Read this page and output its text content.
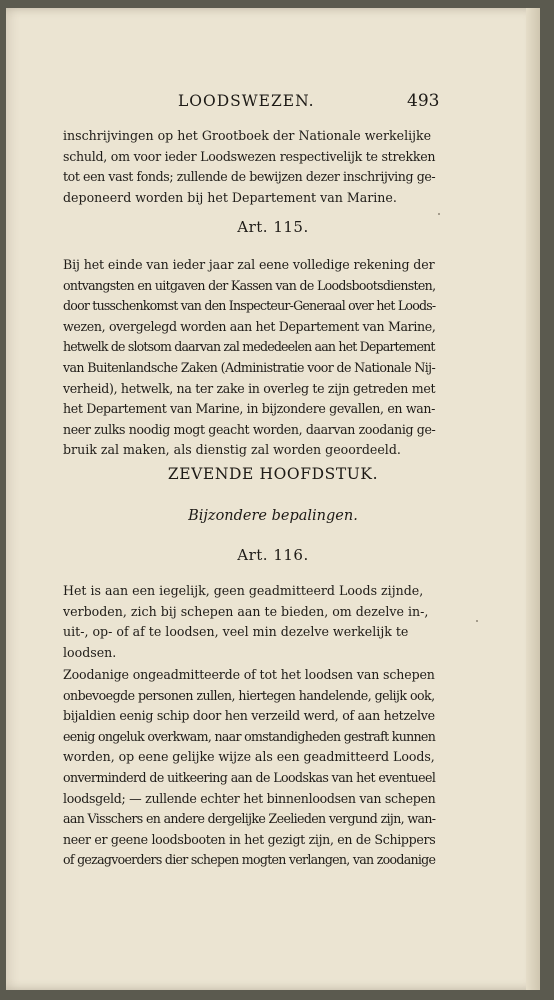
LOODSWEZEN.	493
inschrijvingen op het Grootboek der Nationale werkelijke
schuld, om voor ieder Loodswezen respectivelijk te strekken
tot een vast fonds; zullende de bewijzen dezer inschrijving ge-
deponeerd worden bij het Departement van Marine.
Art. 115.
Bij het einde van ieder jaar zal eene volledige rekening der
ontvangsten en uitgaven der Kassen van de Loodsbootsdiensten,
door tusschenkomst van den Inspecteur-Generaal over het Loods-
wezen, overgelegd worden aan het Departement van Marine,
hetwelk de slotsom daarvan zal mededeelen aan het Departement
van Buitenlandsche Zaken (Administratie voor de Nationale Nij-
verheid), hetwelk, na ter zake in overleg te zijn getreden met
het Departement van Marine, in bijzondere gevallen, en wan-
neer zulks noodig mogt geacht worden, daarvan zoodanig ge-
bruik zal maken, als dienstig zal worden geoordeeld.
ZEVENDE HOOFDSTUK.
Bijzondere bepalingen.
Art. 116.
Het is aan een iegelijk, geen geadmitteerd Loods zijnde,
verboden, zich bij schepen aan te bieden, om dezelve in-,
uit-, op- of af te loodsen, veel min dezelve werkelijk te
loodsen.
Zoodanige ongeadmitteerde of tot het loodsen van schepen
onbevoegde personen zullen, hiertegen handelende, gelijk ook,
bijaldien eenig schip door hen verzeild werd, of aan hetzelve
eenig ongeluk overkwam, naar omstandigheden gestraft kunnen
worden, op eene gelijke wijze als een geadmitteerd Loods,
onverminderd de uitkeering aan de Loodskas van het eventueel
loodsgeld; — zullende echter het binnenloodsen van schepen
aan Visschers en andere dergelijke Zeelieden vergund zijn, wan-
neer er geene loodsbooten in het gezigt zijn, en de Schippers
of gezagvoerders dier schepen mogten verlangen, van zoodanige
